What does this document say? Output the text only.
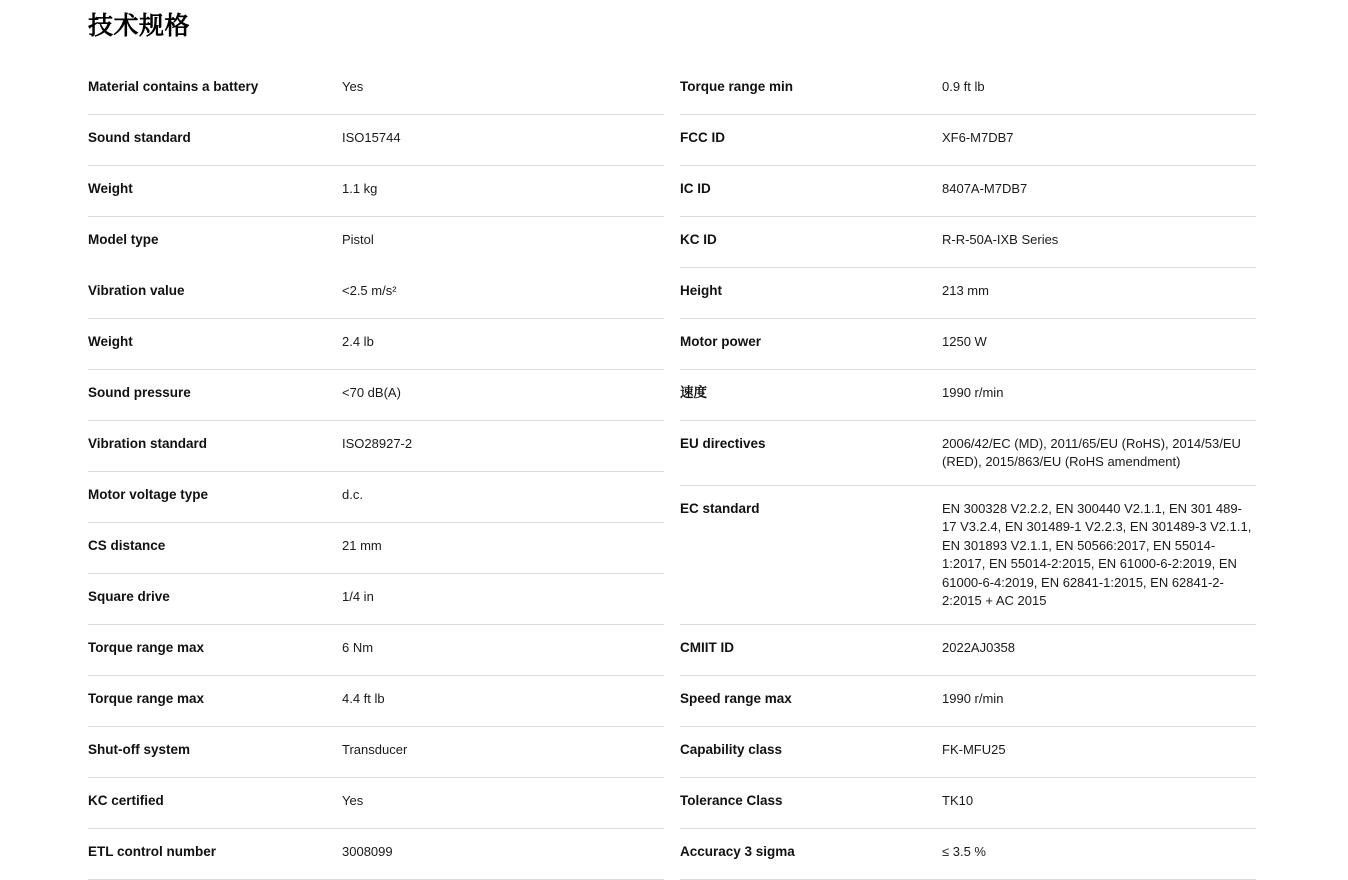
技术规格
Material contains a battery	Yes
Sound standard	ISO15744
Weight	1.1 kg
Model type	Pistol
Vibration value	<2.5 m/s²
Weight	2.4 lb
Sound pressure	<70 dB(A)
Vibration standard	ISO28927-2
Motor voltage type	d.c.
CS distance	21 mm
Square drive	1/4 in
Torque range max	6 Nm
Torque range max	4.4 ft lb
Shut-off system	Transducer
KC certified	Yes
ETL control number	3008099
Torque range min	0.9 ft lb
FCC ID	XF6-M7DB7
IC ID	8407A-M7DB7
KC ID	R-R-50A-IXB Series
Height	213 mm
Motor power	1250 W
速度	1990 r/min
EU directives	2006/42/EC (MD), 2011/65/EU (RoHS), 2014/53/EU (RED), 2015/863/EU (RoHS amendment)
EC standard	EN 300328 V2.2.2, EN 300440 V2.1.1, EN 301 489-17 V3.2.4, EN 301489-1 V2.2.3, EN 301489-3 V2.1.1, EN 301893 V2.1.1, EN 50566:2017, EN 55014-1:2017, EN 55014-2:2015, EN 61000-6-2:2019, EN 61000-6-4:2019, EN 62841-1:2015, EN 62841-2-2:2015 + AC 2015
CMIIT ID	2022AJ0358
Speed range max	1990 r/min
Capability class	FK-MFU25
Tolerance Class	TK10
Accuracy 3 sigma	≤ 3.5 %
